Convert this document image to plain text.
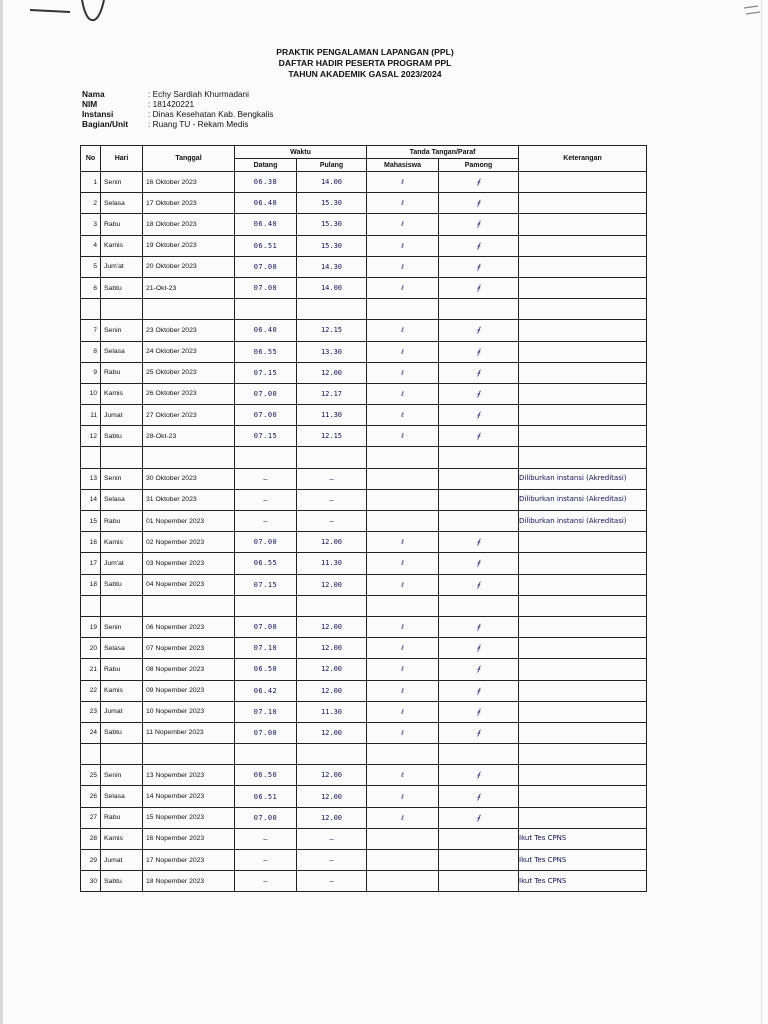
PRAKTIK PENGALAMAN LAPANGAN (PPL)
DAFTAR HADIR PESERTA PROGRAM PPL
TAHUN AKADEMIK GASAL 2023/2024
Nama	: Echy Sardiah Khurmadani
NIM	: 181420221
Instansi	: Dinas Kesehatan Kab. Bengkalis
Bagian/Unit	: Ruang TU - Rekam Medis
No	Hari	Tanggal	Waktu		Tanda Tangan/Paraf		Keterangan
			Datang	Pulang	Mahasiswa	Pamong	
1	Senin	16 Oktober 2023	06.38	14.00	ℓ	∮	
2	Selasa	17 Oktober 2023	06.40	15.30	ℓ	∮	
3	Rabu	18 Oktober 2023	06.40	15.30	ℓ	∮	
4	Kamis	19 Oktober 2023	06.51	15.30	ℓ	∮	
5	Jum'at	20 Oktober 2023	07.00	14.30	ℓ	∮	
6	Sabtu	21-Okt-23	07.00	14.00	ℓ	∮	

7	Senin	23 Oktober 2023	06.40	12.15	ℓ	∮	
8	Selasa	24 Oktober 2023	06.55	13.30	ℓ	∮	
9	Rabu	25 Oktober 2023	07.15	12.00	ℓ	∮	
10	Kamis	26 Oktober 2023	07.00	12.17	ℓ	∮	
11	Jumat	27 Oktober 2023	07.00	11.30	ℓ	∮	
12	Sabtu	28-Okt-23	07.15	12.15	ℓ	∮	

13	Senin	30 Oktober 2023	—	—			Diliburkan instansi (Akreditasi)
14	Selasa	31 Oktober 2023	—	—			Diliburkan instansi (Akreditasi)
15	Rabu	01 Nopember 2023	—	—			Diliburkan instansi (Akreditasi)
16	Kamis	02 Nopember 2023	07.00	12.00	ℓ	∮	
17	Jum'at	03 Nopember 2023	06.55	11.30	ℓ	∮	
18	Sabtu	04 Nopember 2023	07.15	12.00	ℓ	∮	

19	Senin	06 Nopember 2023	07.00	12.00	ℓ	∮	
20	Selasa	07 Nopember 2023	07.10	12.00	ℓ	∮	
21	Rabu	08 Nopember 2023	06.50	12.00	ℓ	∮	
22	Kamis	09 Nopember 2023	06.42	12.00	ℓ	∮	
23	Jumat	10 Nopember 2023	07.10	11.30	ℓ	∮	
24	Sabtu	11 Nopember 2023	07.00	12.00	ℓ	∮	

25	Senin	13 Nopember 2023	06.50	12.00	ℓ	∮	
26	Selasa	14 Nopember 2023	06.51	12.00	ℓ	∮	
27	Rabu	15 Nopember 2023	07.00	12.00	ℓ	∮	
28	Kamis	16 Nopember 2023	—	—			Ikut Tes CPNS
29	Jumat	17 Nopember 2023	—	—			Ikut Tes CPNS
30	Sabtu	18 Nopember 2023	—	—			Ikut Tes CPNS
